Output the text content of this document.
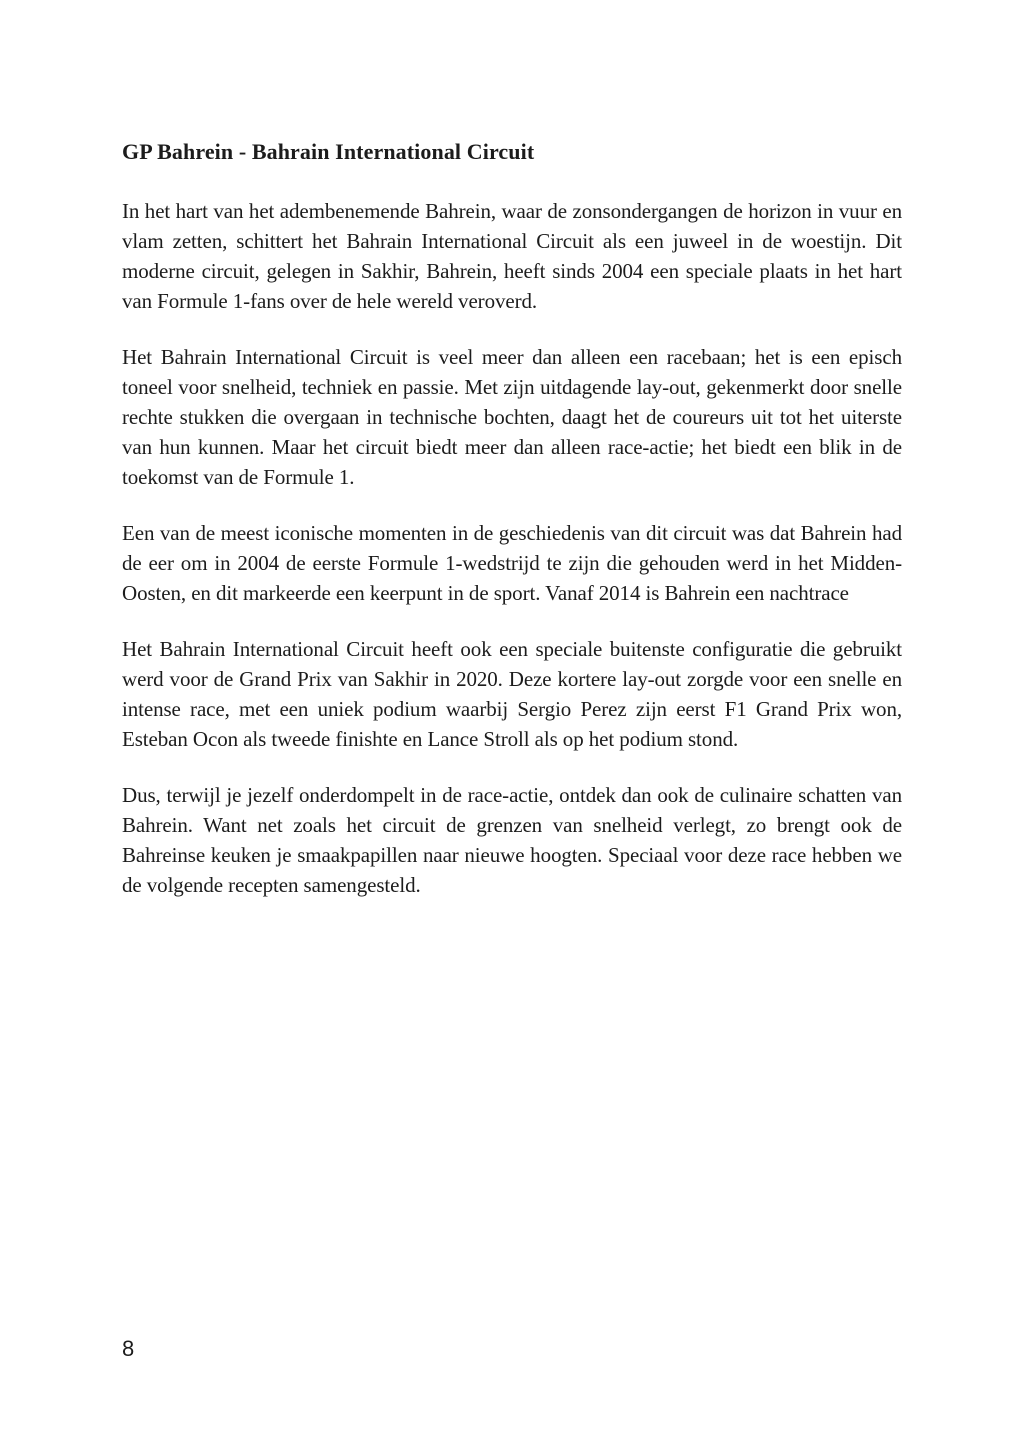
GP Bahrein - Bahrain International Circuit

In het hart van het adembenemende Bahrein, waar de zonsondergangen de horizon in vuur en vlam zetten, schittert het Bahrain International Circuit als een juweel in de woestijn. Dit moderne circuit, gelegen in Sakhir, Bahrein, heeft sinds 2004 een speciale plaats in het hart van Formule 1-fans over de hele wereld veroverd.

Het Bahrain International Circuit is veel meer dan alleen een racebaan; het is een episch toneel voor snelheid, techniek en passie. Met zijn uitdagende lay-out, gekenmerkt door snelle rechte stukken die overgaan in technische bochten, daagt het de coureurs uit tot het uiterste van hun kunnen. Maar het circuit biedt meer dan alleen race-actie; het biedt een blik in de toekomst van de Formule 1.

Een van de meest iconische momenten in de geschiedenis van dit circuit was dat Bahrein had de eer om in 2004 de eerste Formule 1-wedstrijd te zijn die gehouden werd in het Midden-Oosten, en dit markeerde een keerpunt in de sport. Vanaf 2014 is Bahrein een nachtrace

Het Bahrain International Circuit heeft ook een speciale buitenste configuratie die gebruikt werd voor de Grand Prix van Sakhir in 2020. Deze kortere lay-out zorgde voor een snelle en intense race, met een uniek podium waarbij Sergio Perez zijn eerst F1 Grand Prix won, Esteban Ocon als tweede finishte en Lance Stroll als op het podium stond.

Dus, terwijl je jezelf onderdompelt in de race-actie, ontdek dan ook de culinaire schatten van Bahrein. Want net zoals het circuit de grenzen van snelheid verlegt, zo brengt ook de Bahreinse keuken je smaakpapillen naar nieuwe hoogten. Speciaal voor deze race hebben we de volgende recepten samengesteld.

8
